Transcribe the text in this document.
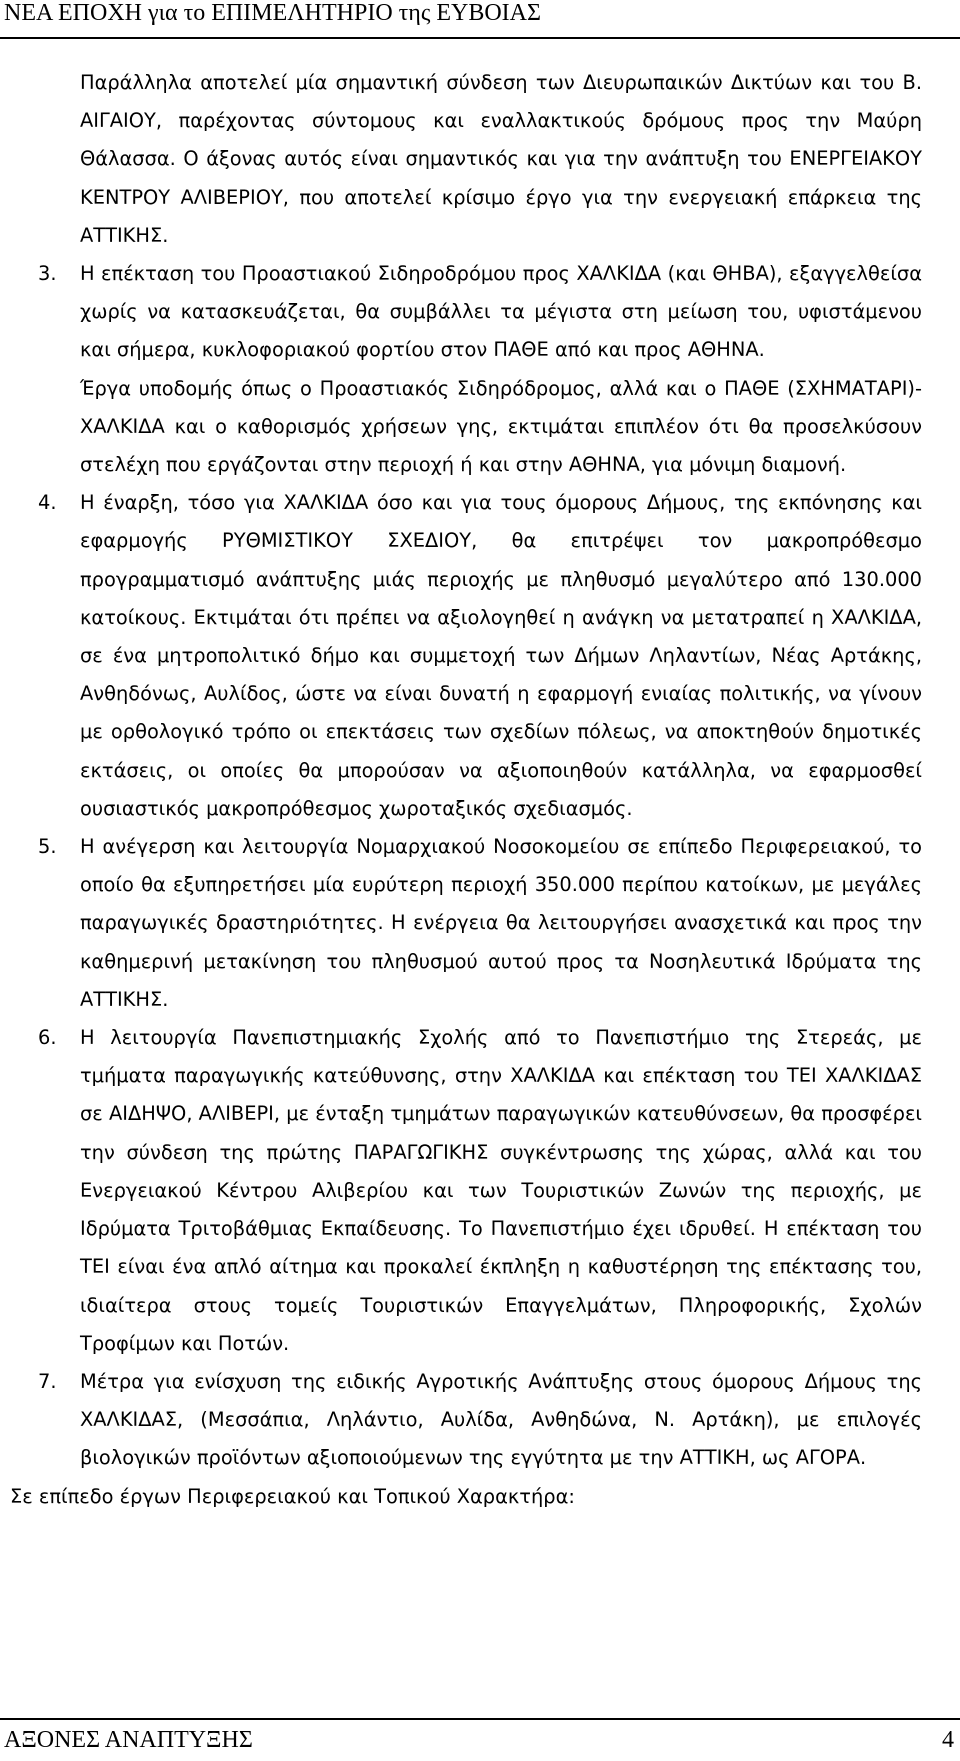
ΝΕΑ ΕΠΟΧΗ για το ΕΠΙΜΕΛΗΤΗΡΙΟ της ΕΥΒΟΙΑΣ

Παράλληλα αποτελεί μία σημαντική σύνδεση των Διευρωπαικών Δικτύων και του Β. ΑΙΓΑΙΟΥ, παρέχοντας σύντομους και εναλλακτικούς δρόμους προς την Μαύρη Θάλασσα. Ο άξονας αυτός είναι σημαντικός και για την ανάπτυξη του ΕΝΕΡΓΕΙΑΚΟΥ ΚΕΝΤΡΟΥ ΑΛΙΒΕΡΙΟΥ, που αποτελεί κρίσιμο έργο για την ενεργειακή επάρκεια της ΑΤΤΙΚΗΣ.

3. Η επέκταση του Προαστιακού Σιδηροδρόμου προς ΧΑΛΚΙΔΑ (και ΘΗΒΑ), εξαγγελθείσα χωρίς να κατασκευάζεται, θα συμβάλλει τα μέγιστα στη μείωση του, υφιστάμενου και σήμερα, κυκλοφοριακού φορτίου στον ΠΑΘΕ από και προς ΑΘΗΝΑ.
Έργα υποδομής όπως ο Προαστιακός Σιδηρόδρομος, αλλά και ο ΠΑΘΕ (ΣΧΗΜΑΤΑΡΙ)-ΧΑΛΚΙΔΑ και ο καθορισμός χρήσεων γης, εκτιμάται επιπλέον ότι θα προσελκύσουν στελέχη που εργάζονται στην περιοχή ή και στην ΑΘΗΝΑ, για μόνιμη διαμονή.
4. Η έναρξη, τόσο για ΧΑΛΚΙΔΑ όσο και για τους όμορους Δήμους, της εκπόνησης και εφαρμογής ΡΥΘΜΙΣΤΙΚΟΥ ΣΧΕΔΙΟΥ, θα επιτρέψει τον μακροπρόθεσμο προγραμματισμό ανάπτυξης μιάς περιοχής με πληθυσμό μεγαλύτερο από 130.000 κατοίκους. Εκτιμάται ότι πρέπει να αξιολογηθεί η ανάγκη να μετατραπεί η ΧΑΛΚΙΔΑ, σε ένα μητροπολιτικό δήμο και συμμετοχή των Δήμων Ληλαντίων, Νέας Αρτάκης, Ανθηδόνως, Αυλίδος, ώστε να είναι δυνατή η εφαρμογή ενιαίας πολιτικής, να γίνουν με ορθολογικό τρόπο οι επεκτάσεις των σχεδίων πόλεως, να αποκτηθούν δημοτικές εκτάσεις, οι οποίες θα μπορούσαν να αξιοποιηθούν κατάλληλα, να εφαρμοσθεί ουσιαστικός μακροπρόθεσμος χωροταξικός σχεδιασμός.
5. Η ανέγερση και λειτουργία Νομαρχιακού Νοσοκομείου σε επίπεδο Περιφερειακού, το οποίο θα εξυπηρετήσει μία ευρύτερη περιοχή 350.000 περίπου κατοίκων, με μεγάλες παραγωγικές δραστηριότητες. Η ενέργεια θα λειτουργήσει ανασχετικά και προς την καθημερινή μετακίνηση του πληθυσμού αυτού προς τα Νοσηλευτικά Ιδρύματα της ΑΤΤΙΚΗΣ.
6. Η λειτουργία Πανεπιστημιακής Σχολής από το Πανεπιστήμιο της Στερεάς, με τμήματα παραγωγικής κατεύθυνσης, στην ΧΑΛΚΙΔΑ και επέκταση του ΤΕΙ ΧΑΛΚΙΔΑΣ σε ΑΙΔΗΨΟ, ΑΛΙΒΕΡΙ, με ένταξη τμημάτων παραγωγικών κατευθύνσεων, θα προσφέρει την σύνδεση της πρώτης ΠΑΡΑΓΩΓΙΚΗΣ συγκέντρωσης της χώρας, αλλά και του Ενεργειακού Κέντρου Αλιβερίου και των Τουριστικών Ζωνών της περιοχής, με Ιδρύματα Τριτοβάθμιας Εκπαίδευσης. Το Πανεπιστήμιο έχει ιδρυθεί. Η επέκταση του ΤΕΙ είναι ένα απλό αίτημα και προκαλεί έκπληξη η καθυστέρηση της επέκτασης του, ιδιαίτερα στους τομείς Τουριστικών Επαγγελμάτων, Πληροφορικής, Σχολών Τροφίμων και Ποτών.
7. Μέτρα για ενίσχυση της ειδικής Αγροτικής Ανάπτυξης στους όμορους Δήμους της ΧΑΛΚΙΔΑΣ, (Μεσσάπια, Ληλάντιο, Αυλίδα, Ανθηδώνα, Ν. Αρτάκη), με επιλογές βιολογικών προϊόντων αξιοποιούμενων της εγγύτητα με την ΑΤΤΙΚΗ, ως ΑΓΟΡΑ.

Σε επίπεδο έργων Περιφερειακού και Τοπικού Χαρακτήρα:

ΑΞΟΝΕΣ ΑΝΑΠΤΥΞΗΣ	4
